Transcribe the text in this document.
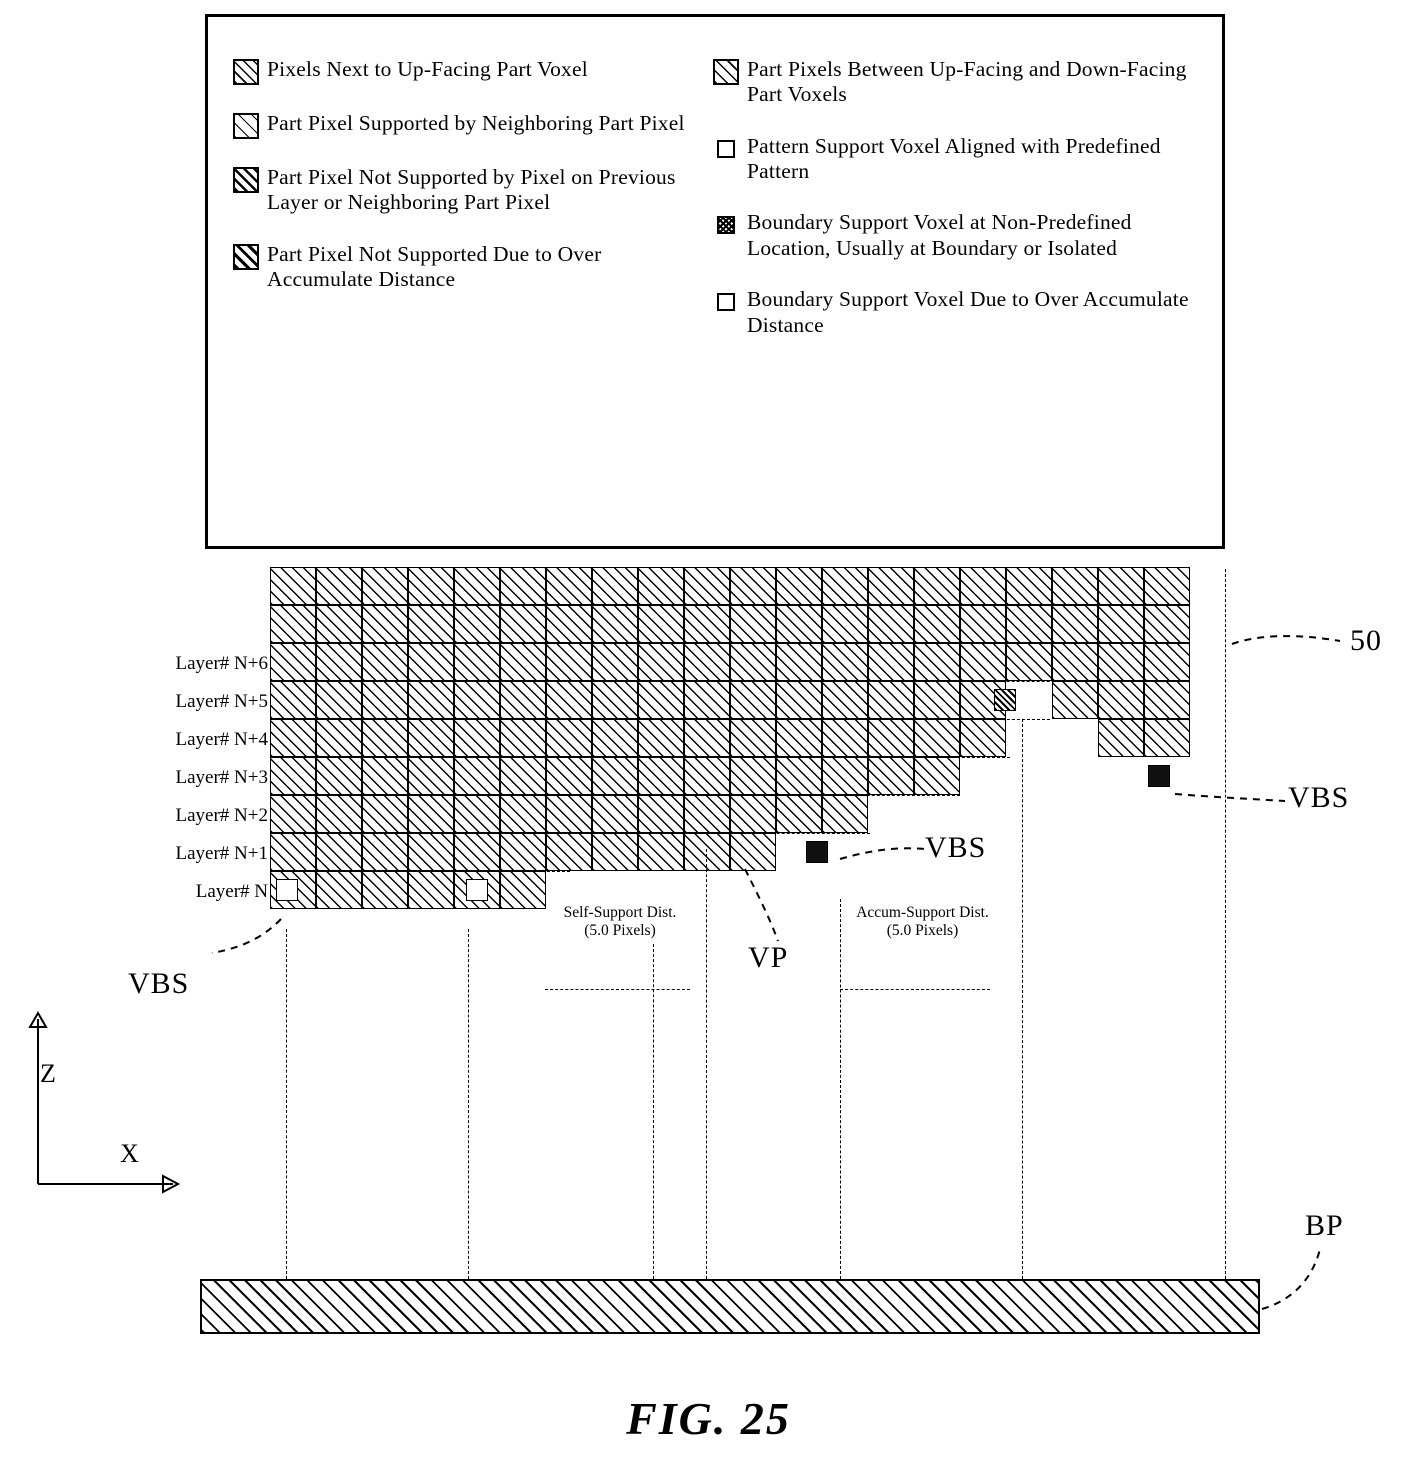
Pixels Next to Up-Facing Part Voxel
Part Pixel Supported by Neighboring Part Pixel
Part Pixel Not Supported by Pixel on Previous Layer or Neighboring Part Pixel
Part Pixel Not Supported Due to Over Accumulate Distance
Part Pixels Between Up-Facing and Down-Facing Part Voxels
Pattern Support Voxel Aligned with Predefined Pattern
Boundary Support Voxel at Non-Predefined Location, Usually at Boundary or Isolated
Boundary Support Voxel Due to Over Accumulate Distance
Layer# N+6
Layer# N+5
Layer# N+4
Layer# N+3
Layer# N+2
Layer# N+1
Layer# N
Self-Support Dist.
(5.0 Pixels)
Accum-Support Dist.
(5.0 Pixels)
50
VBS
VBS
VP
VBS
BP
Z
X
FIG. 25
